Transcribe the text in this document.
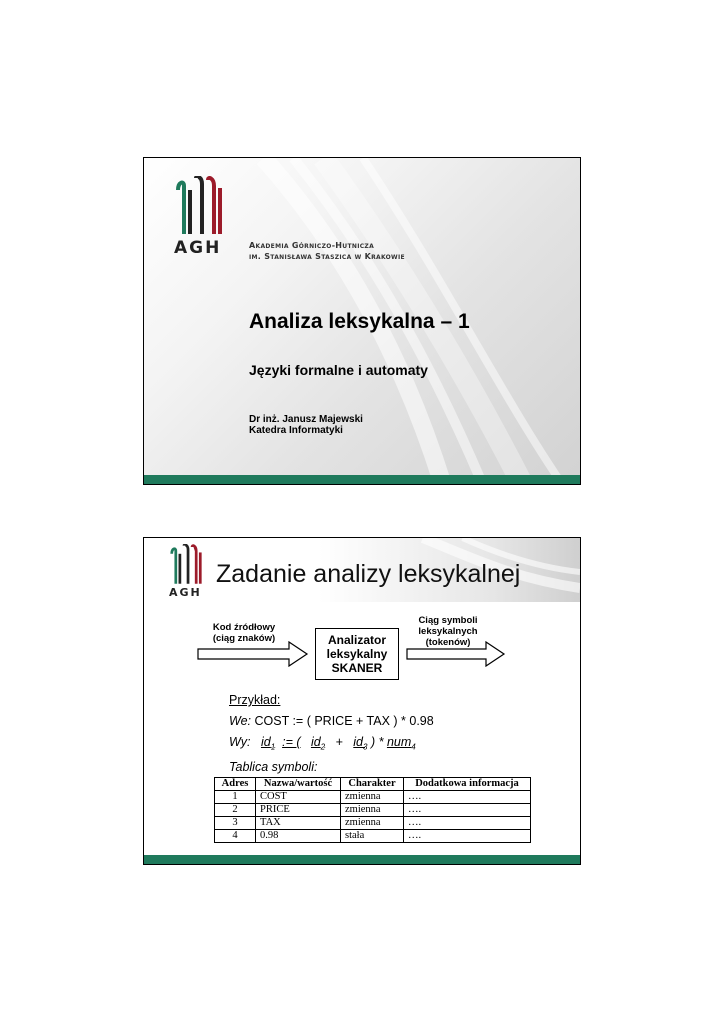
AGH	Akademia Górniczo-Hutnicza
im. Stanisława Staszica w Krakowie
Analiza leksykalna – 1
Języki formalne i automaty
Dr inż. Janusz Majewski
Katedra Informatyki
AGH
Zadanie analizy leksykalnej
Kod źródłowy
(ciąg znaków)	Analizator
leksykalny
SKANER
Ciąg symboli
leksykalnych
(tokenów)
Przykład:
We: COST := ( PRICE + TAX ) * 0.98
Wy: $id_1$ := ( $id_2 + id_3$ ) * num$_4$
Tablica symboli:
Adres	Nazwa/wartość	Charakter	Dodatkowa informacja
1	COST	zmienna	….
2	PRICE	zmienna	….
3	TAX	zmienna	….
4	0.98	stała	….
